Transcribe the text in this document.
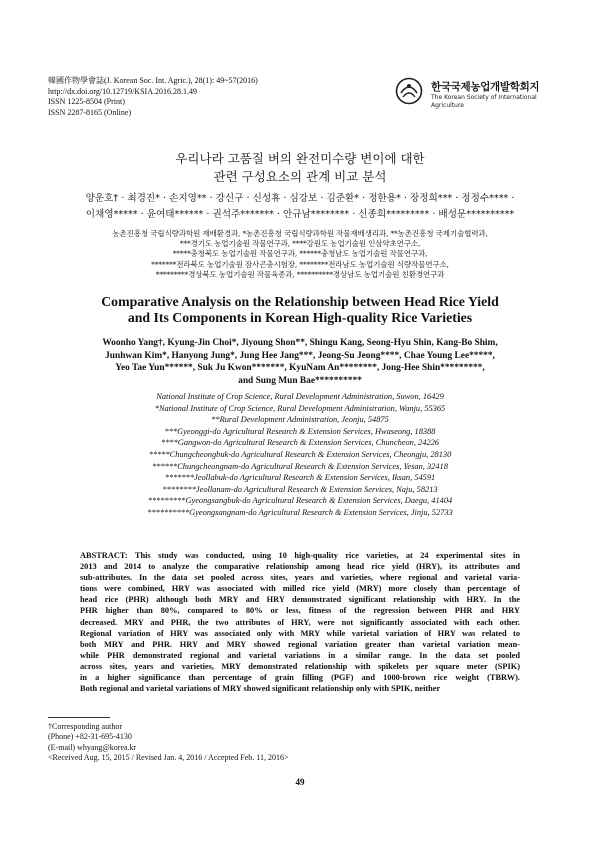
韓國作物學會誌(J. Korean Soc. Int. Agric.), 28(1): 49~57(2016)
http://dx.doi.org/10.12719/KSIA.2016.28.1.49
ISSN 1225-8504 (Print)
ISSN 2287-8165 (Online)
한국국제농업개발학회지
The Korean Society of International
Agriculture
우리나라 고품질 벼의 완전미수량 변이에 대한
관련 구성요소의 관계 비교 분석
양운호† · 최경진* · 손지영** · 강신구 · 신성휴 · 심강보 · 김준환* · 정한용* · 장정희*** · 정정수**** ·
이채영***** · 윤여태****** · 권석주******* · 안규남******** · 신종희********* · 배성문**********
농촌진흥청 국립식량과학원 재배환경과, *농촌진흥청 국립식량과학원 작물재배생리과, **농촌진흥청 국제기술협력과,
***경기도 농업기술원 작물연구과, ****강원도 농업기술원 인삼약초연구소,
*****충청북도 농업기술원 작물연구과, ******충청남도 농업기술원 작물연구과,
*******전라북도 농업기술원 잠사곤충시험장, ********전라남도 농업기술원 식량작물연구소,
*********경상북도 농업기술원 작물육종과, **********경상남도 농업기술원 친환경연구과
Comparative Analysis on the Relationship between Head Rice Yield
and Its Components in Korean High-quality Rice Varieties
Woonho Yang†, Kyung-Jin Choi*, Jiyoung Shon**, Shingu Kang, Seong-Hyu Shin, Kang-Bo Shim,
Junhwan Kim*, Hanyong Jung*, Jung Hee Jang***, Jeong-Su Jeong****, Chae Young Lee*****,
Yeo Tae Yun******, Suk Ju Kwon*******, KyuNam An********, Jong-Hee Shin*********,
and Sung Mun Bae**********
National Institute of Crop Science, Rural Development Administration, Suwon, 16429
*National Institute of Crop Science, Rural Development Administration, Wanju, 55365
**Rural Development Administration, Jeonju, 54875
***Gyeonggi-do Agricultural Research & Extension Services, Hwaseong, 18388
****Gangwon-do Agricultural Research & Extension Services, Chuncheon, 24226
*****Chungcheongbuk-do Agricultural Research & Extension Services, Cheongju, 28130
******Chungcheongnam-do Agricultural Research & Extension Services, Yesan, 32418
*******Jeollabuk-do Agricultural Research & Extension Services, Iksan, 54591
********Jeollanam-do Agricultural Research & Extension Services, Naju, 58213
*********Gyeongsangbuk-do Agricultural Research & Extension Services, Daegu, 41404
**********Gyeongsangnam-do Agricultural Research & Extension Services, Jinju, 52733
ABSTRACT: This study was conducted, using 10 high-quality rice varieties, at 24 experimental sites in
2013 and 2014 to analyze the comparative relationship among head rice yield (HRY), its attributes and
sub-attributes. In the data set pooled across sites, years and varieties, where regional and varietal varia-
tions were combined, HRY was associated with milled rice yield (MRY) more closely than percentage of
head rice (PHR) although both MRY and HRY demonstrated significant relationship with HRY. In the
PHR higher than 80%, compared to 80% or less, fitness of the regression between PHR and HRY
decreased. MRY and PHR, the two attributes of HRY, were not significantly associated with each other.
Regional variation of HRY was associated only with MRY while varietal variation of HRY was related to
both MRY and PHR. HRY and MRY showed regional variation greater than varietal variation mean-
while PHR demonstrated regional and varietal variations in a similar range. In the data set pooled
across sites, years and varieties, MRY demonstrated relationship with spikelets per square meter (SPIK)
in a higher significance than percentage of grain filling (PGF) and 1000-brown rice weight (TBRW).
Both regional and varietal variations of MRY showed significant relationship only with SPIK, neither
†Corresponding author
(Phone) +82-31-695-4130
(E-mail) whyang@korea.kr
<Received Aug. 15, 2015 / Revised Jan. 4, 2016 / Accepted Feb. 11, 2016>
49
